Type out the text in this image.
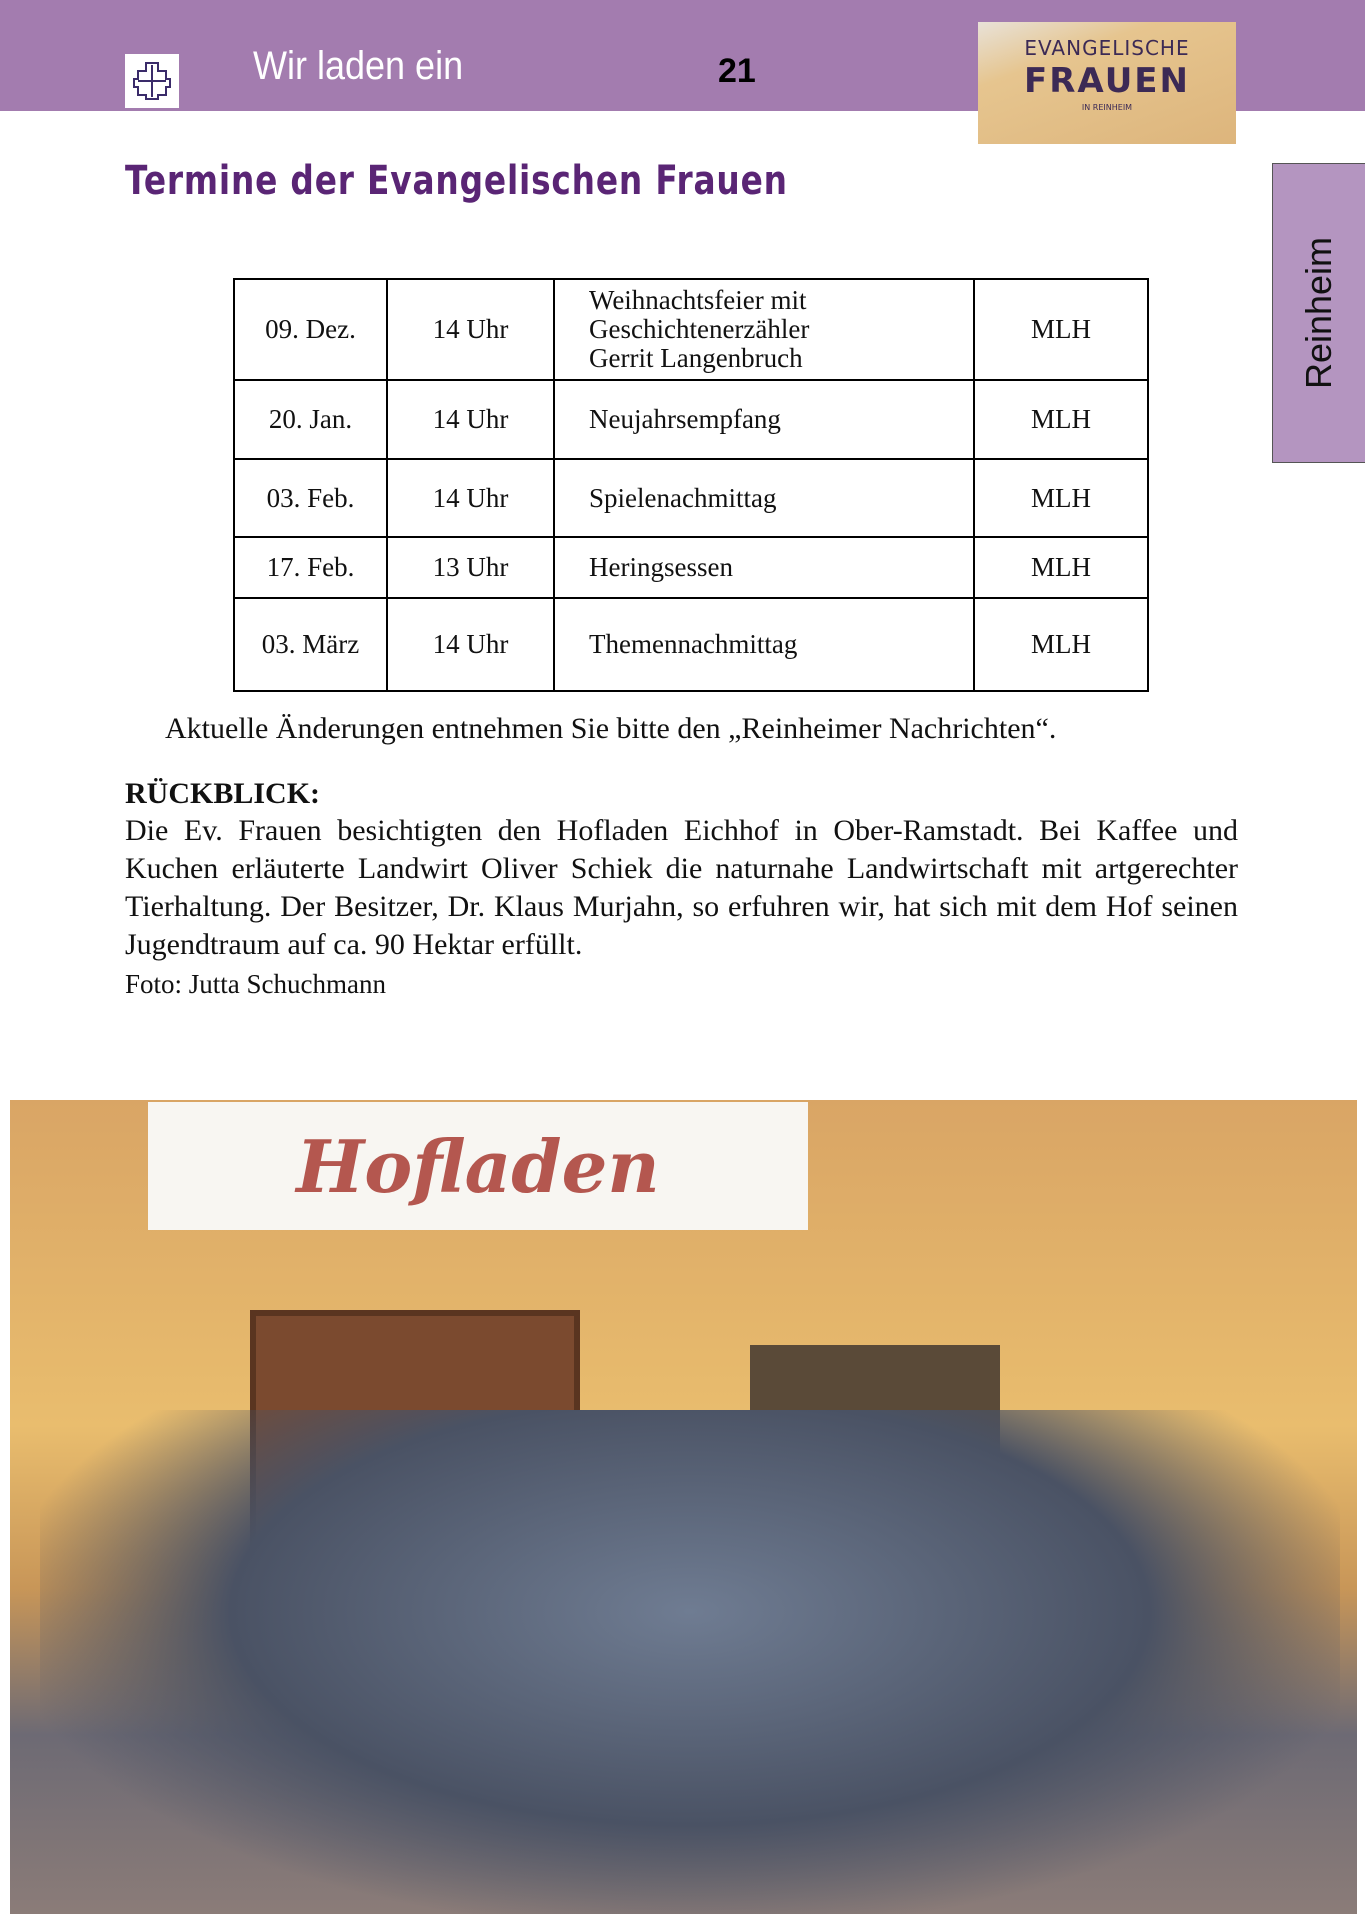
Wir laden ein	21
EVANGELISCHE
FRAUEN
IN REINHEIM
Reinheim
Termine der Evangelischen Frauen
09. Dez.	14 Uhr	Weihnachtsfeier mit Geschichtenerzähler Gerrit Langenbruch	MLH
20. Jan.	14 Uhr	Neujahrsempfang	MLH
03. Feb.	14 Uhr	Spielenachmittag	MLH
17. Feb.	13 Uhr	Heringsessen	MLH
03. März	14 Uhr	Themennachmittag	MLH
Aktuelle Änderungen entnehmen Sie bitte den „Reinheimer Nachrichten“.
RÜCKBLICK:

Die Ev. Frauen besichtigten den Hofladen Eichhof in Ober-Ramstadt. Bei Kaffee und Kuchen erläuterte Landwirt Oliver Schiek die naturnahe Landwirtschaft mit artgerechter Tierhaltung. Der Besitzer, Dr. Klaus Murjahn, so erfuhren wir, hat sich mit dem Hof seinen Jugendtraum auf ca. 90 Hektar erfüllt.

Foto: Jutta Schuchmann
Hofladen
